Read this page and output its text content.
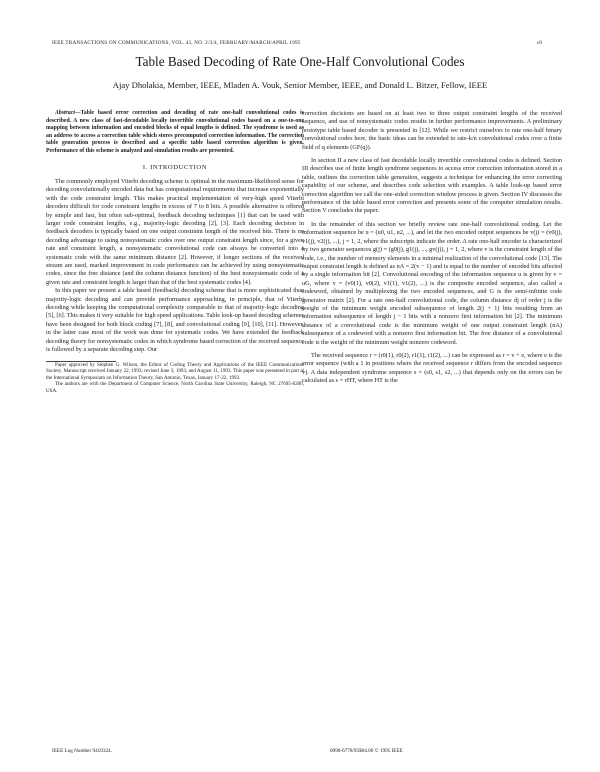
IEEE TRANSACTIONS ON COMMUNICATIONS, VOL. 43, NO. 2/3/4, FEBRUARY/MARCH/APRIL 1995	c8
Table Based Decoding of Rate One-Half Convolutional Codes
Ajay Dholakia, Member, IEEE, Mladen A. Vouk, Senior Member, IEEE, and Donald L. Bitzer, Fellow, IEEE

Abstract—Table based error correction and decoding of rate one-half convolutional codes is described. A new class of fast-decodable locally invertible convolutional codes based on a one-to-one mapping between information and encoded blocks of equal lengths is defined. The syndrome is used as an address to access a correction table which stores precomputed correction information. The correction table generation process is described and a specific table based correction algorithm is given. Performance of this scheme is analyzed and simulation results are presented.

I. INTRODUCTION

The commonly employed Viterbi decoding scheme is optimal in the maximum-likelihood sense for decoding convolutionally encoded data but has computational requirements that increase exponentially with the code constraint length. This makes practical implementation of very-high speed Viterbi decoders difficult for code constraint lengths in excess of 7 to 8 bits. A possible alternative is offered by simple and fast, but often sub-optimal, feedback decoding techniques [1] that can be used with larger code constraint lengths, e.g., majority-logic decoding [2], [3]. Each decoding decision in feedback decoders is typically based on one output constraint length of the received bits. There is no decoding advantage to using nonsystematic codes over one output constraint length since, for a given rate and constraint length, a nonsystematic convolutional code can always be converted into a systematic code with the same minimum distance [2]. However, if longer sections of the received stream are used, marked improvement in code performance can be achieved by using nonsystematic codes, since the free distance (and the column distance function) of the best nonsystematic code of a given rate and constraint length is larger than that of the best systematic codes [4].

In this paper we present a table based (feedback) decoding scheme that is more sophisticated than majority-logic decoding and can provide performance approaching, in principle, that of Viterbi decoding while keeping the computational complexity comparable to that of majority-logic decoding [5], [6]. This makes it very suitable for high speed applications. Table look-up based decoding schemes have been designed for both block coding [7], [8], and convolutional coding [9], [10], [11]. However, in the latter case most of the work was done for systematic codes. We have extended the feedback decoding theory for nonsystematic codes in which syndrome based correction of the received sequence is followed by a separate decoding step. Our

Paper approved by Stephen G. Wilson, the Editor of Coding Theory and Applications of the IEEE Communications Society. Manuscript received January 22, 1993; revised June 3, 1993, and August 11, 1993. This paper was presented in part at the International Symposium on Information Theory, San Antonio, Texas, January 17-22, 1993.

The authors are with the Department of Computer Science, North Carolina State University, Raleigh, NC 27695-8206, USA.

correction decisions are based on at least two to three output constraint lengths of the received sequence, and use of nonsystematic codes results in further performance improvements. A preliminary prototype table based decoder is presented in [12]. While we restrict ourselves to rate one-half binary convolutional codes here, the basic ideas can be extended to rate-k/n convolutional codes over a finite field of q elements (GF(q)).

In section II a new class of fast decodable locally invertible convolutional codes is defined. Section III describes use of finite length syndrome sequences to access error correction information stored in a table, outlines the correction table generation, suggests a technique for enhancing the error correcting capability of our scheme, and describes code selection with examples. A table look-up based error correction algorithm we call the one-sided correction window process is given. Section IV discusses the performance of the table based error correction and presents some of the computer simulation results. Section V concludes the paper.

In the remainder of this section we briefly review rate one-half convolutional coding. Let the information sequence be u = (u0, u1, u2, ...), and let the two encoded output sequences be v(j) = (v0(j), v1(j), v2(j), ...), j = 1, 2, where the subscripts indicate the order. A rate one-half encoder is characterized by two generator sequences g(j) = (g0(j), g1(j), ..., gv(j)), j = 1, 2, where v is the constraint length of the code, i.e., the number of memory elements in a minimal realization of the convolutional code [13]. The output constraint length is defined as nA = 2(v − 1) and is equal to the number of encoded bits affected by a single information bit [2]. Convolutional encoding of the information sequence u is given by v = uG, where v = (v0(1), v0(2), v1(1), v1(2), ...) is the composite encoded sequence, also called a codeword, obtained by multiplexing the two encoded sequences, and G is the semi-infinite code generator matrix [2]. For a rate one-half convolutional code, the column distance dj of order j is the weight of the minimum weight encoded subsequence of length 2(j + 1) bits resulting from an information subsequence of length j − 1 bits with a nonzero first information bit [2]. The minimum distance of a convolutional code is the minimum weight of one output constraint length (nA) subsequence of a codeword with a nonzero first information bit. The free distance of a convolutional code is the weight of the minimum weight nonzero codeword.

The received sequence r = (r0(1), r0(2), r1(1), r1(2), ...) can be expressed as r = v + e, where e is the error sequence (with a 1 in positions where the received sequence r differs from the encoded sequence v). A data independent syndrome sequence s = (s0, s1, s2, ...) that depends only on the errors can be calculated as s = rHT, where HT is the

IEEE Log Number 9410324.	0090-6778/95$04.00 © 1995 IEEE
